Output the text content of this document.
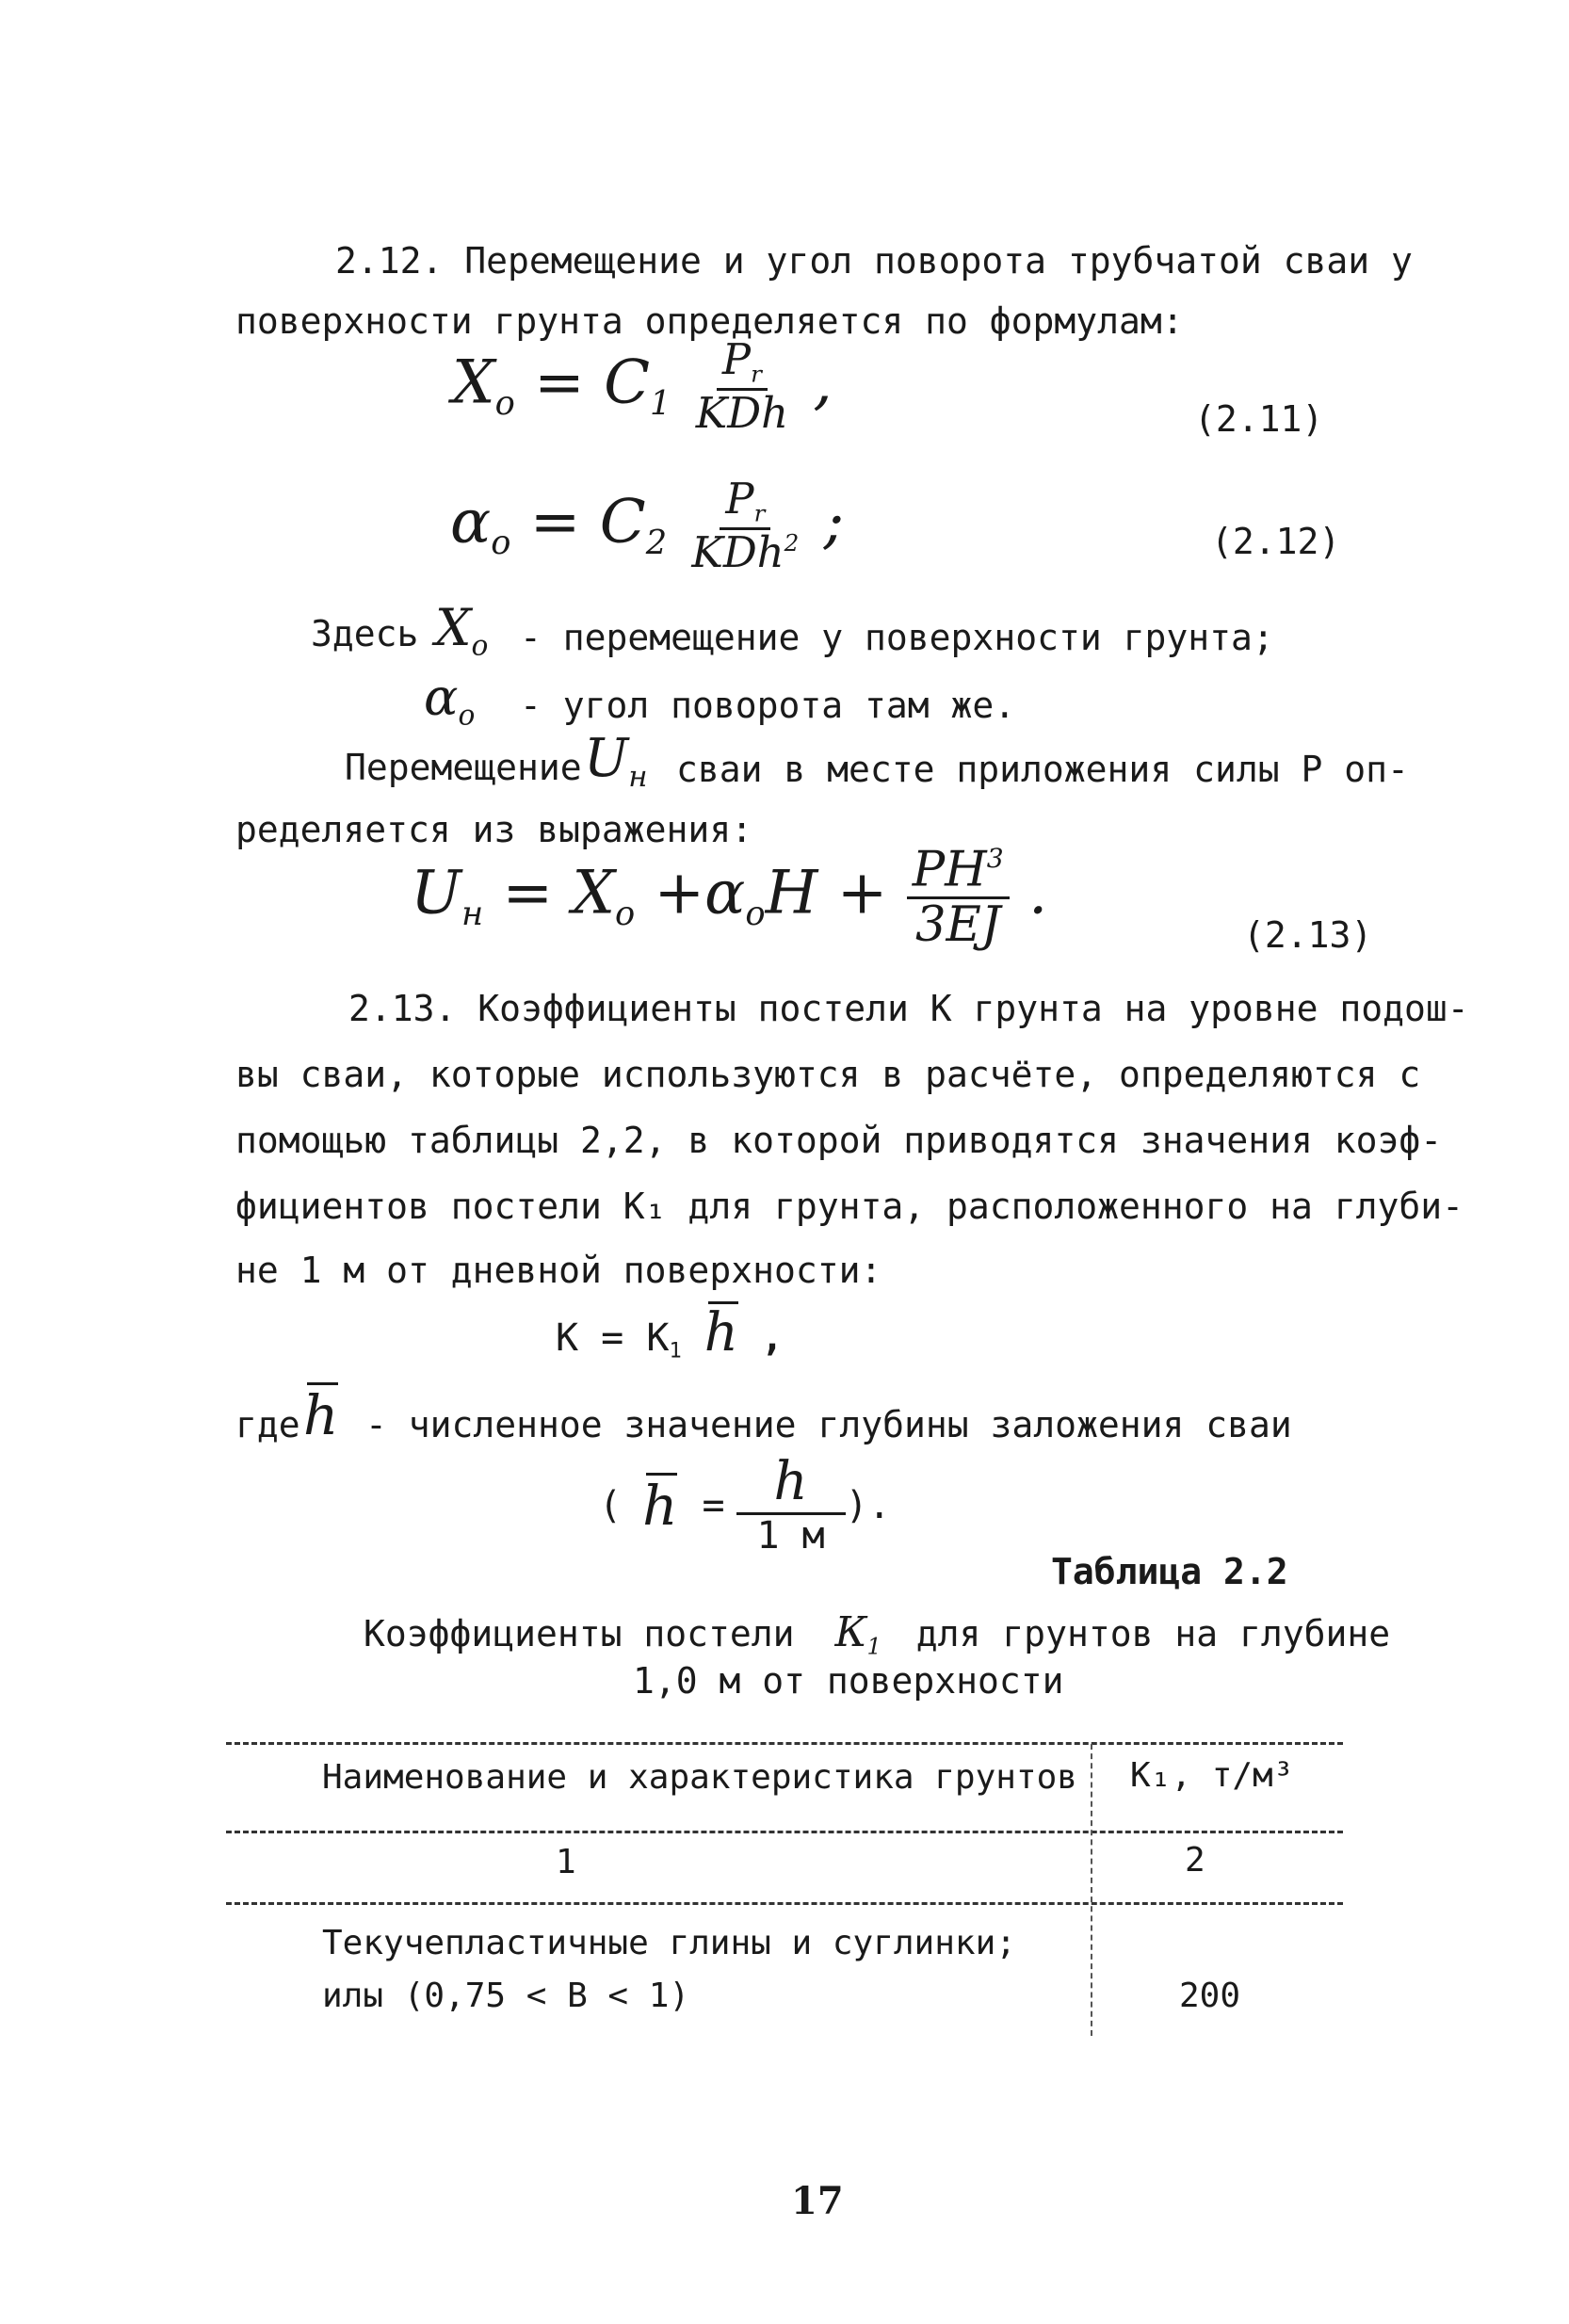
2.12. Перемещение и угол поворота трубчатой сваи у
поверхности грунта определяется по формулам:
$X_o = C_1 \frac{P_r}{\text{KDh}}$ ,
(2.11)
$\alpha_o = C_2 \frac{P_r}{KDh^2}$ ;	(2.12)
Здесь $X_o$ - перемещение у поверхности грунта;
$\alpha_o$ - угол поворота там же.
Перемещение $U_н$ сваи в месте приложения силы Р оп-
ределяется из выражения:
$U_н = X_o +\alpha_oH + \frac{PH^3}{3EJ}$ .
(2.13)
2.13. Коэффициенты постели К грунта на уровне подош-
вы сваи, которые используются в расчёте, определяются с
помощью таблицы 2,2, в которой приводятся значения коэф-
фициентов постели К₁ для грунта, расположенного на глуби-
не 1 м от дневной поверхности:
$К = К_1$ h ,
где h - численное значение глубины заложения сваи
( $h = \frac{h}{1 м}$ ).
Таблица 2.2
Коэффициенты постели $К_1$ для грунтов на глубине
1,0 м от поверхности
Наименование и характеристика грунтов К₁, т/м³
1	2
Текучепластичные глины и суглинки;
илы (0,75 < В < 1)	200
17
